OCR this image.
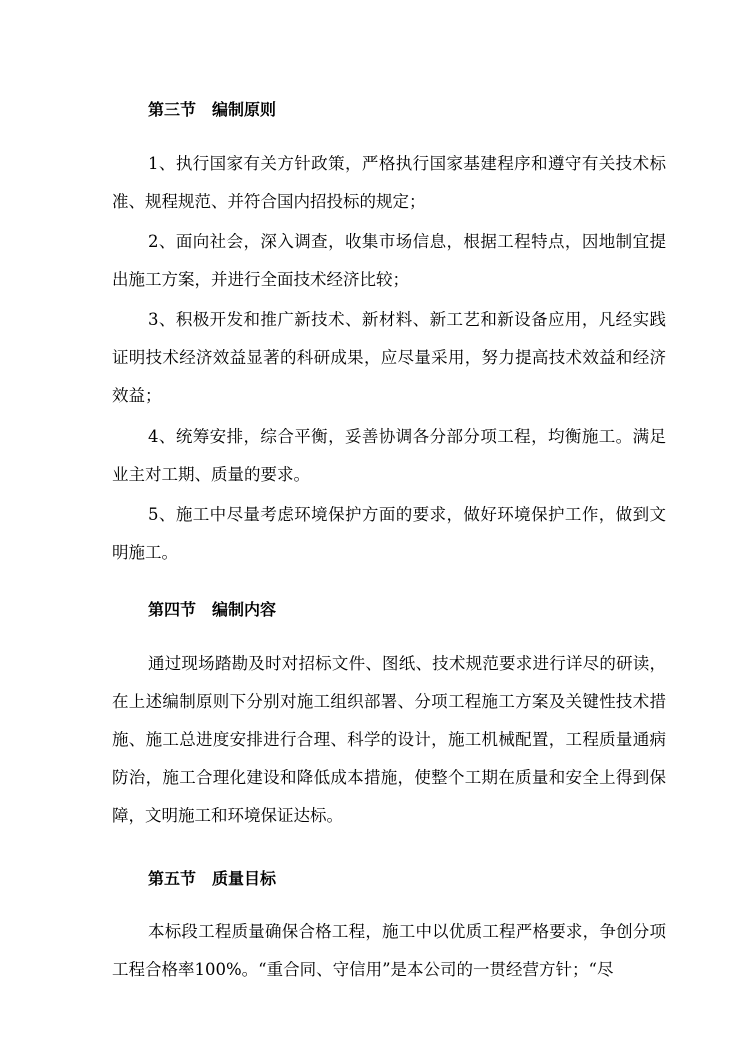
第三节　编制原则

1、执行国家有关方针政策，严格执行国家基建程序和遵守有关技术标准、规程规范、并符合国内招投标的规定；

2、面向社会，深入调查，收集市场信息，根据工程特点，因地制宜提出施工方案，并进行全面技术经济比较；

3、积极开发和推广新技术、新材料、新工艺和新设备应用，凡经实践证明技术经济效益显著的科研成果，应尽量采用，努力提高技术效益和经济效益；

4、统筹安排，综合平衡，妥善协调各分部分项工程，均衡施工。满足业主对工期、质量的要求。

5、施工中尽量考虑环境保护方面的要求，做好环境保护工作，做到文明施工。

第四节　编制内容

通过现场踏勘及时对招标文件、图纸、技术规范要求进行详尽的研读，在上述编制原则下分别对施工组织部署、分项工程施工方案及关键性技术措施、施工总进度安排进行合理、科学的设计，施工机械配置，工程质量通病防治，施工合理化建设和降低成本措施，使整个工期在质量和安全上得到保障，文明施工和环境保证达标。

第五节　质量目标

本标段工程质量确保合格工程，施工中以优质工程严格要求，争创分项工程合格率100%。“重合同、守信用”是本公司的一贯经营方针；“尽
